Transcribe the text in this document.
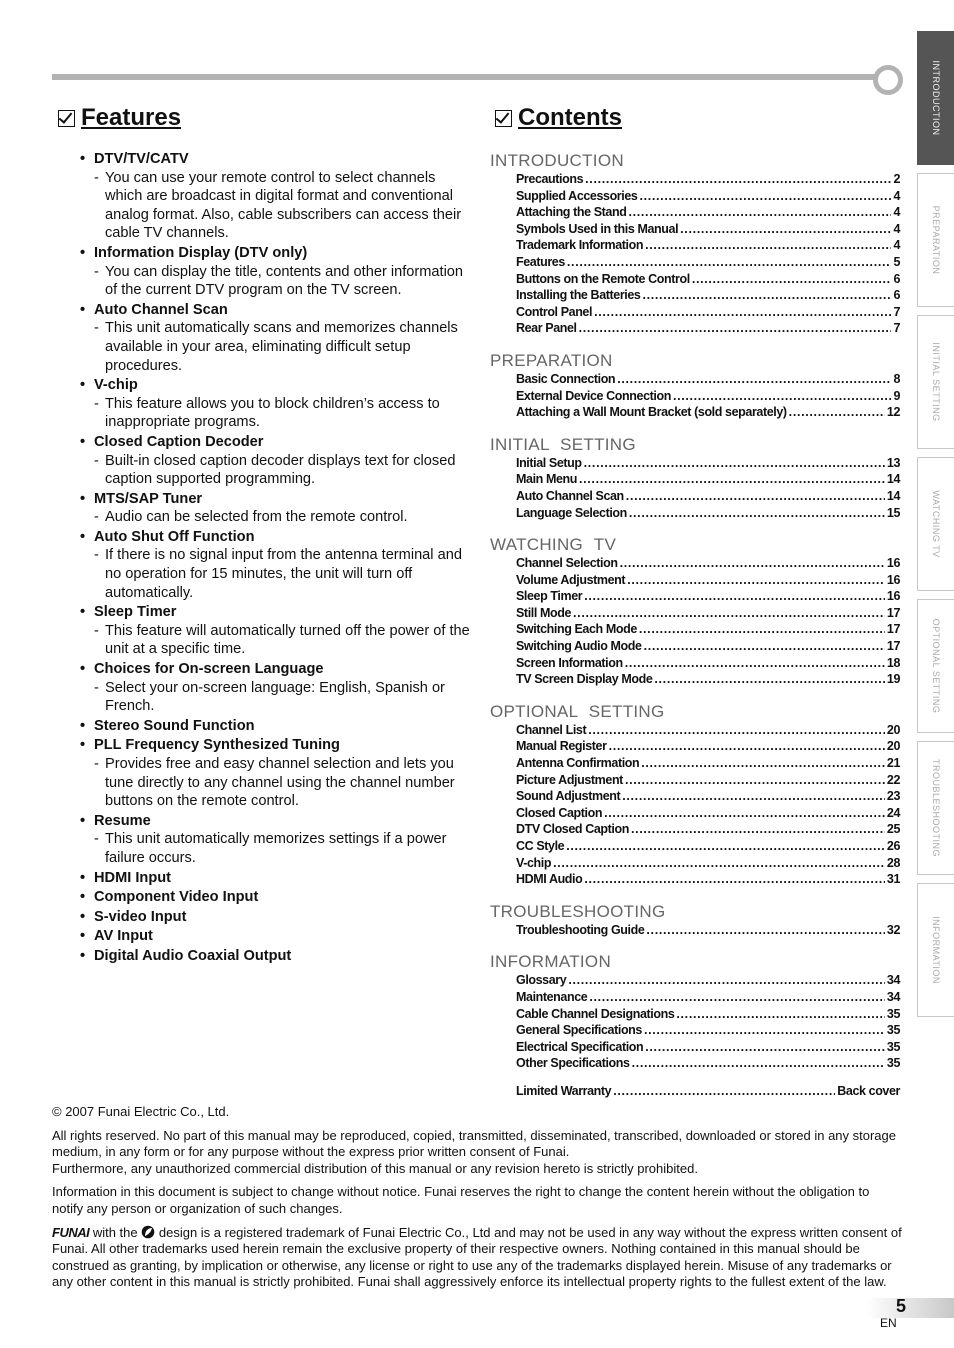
INTRODUCTION
PREPARATION
INITIAL SETTING
WATCHING TV
OPTIONAL SETTING
TROUBLESHOOTING
INFORMATION
Features	Contents
• DTV/TV/CATV
- You can use your remote control to select channels which are broadcast in digital format and conventional analog format. Also, cable subscribers can access their cable TV channels.
• Information Display (DTV only)
- You can display the title, contents and other information of the current DTV program on the TV screen.
• Auto Channel Scan
- This unit automatically scans and memorizes channels available in your area, eliminating difficult setup procedures.
• V-chip
- This feature allows you to block children’s access to inappropriate programs.
• Closed Caption Decoder
- Built-in closed caption decoder displays text for closed caption supported programming.
• MTS/SAP Tuner
- Audio can be selected from the remote control.
• Auto Shut Off Function
- If there is no signal input from the antenna terminal and no operation for 15 minutes, the unit will turn off automatically.
• Sleep Timer
- This feature will automatically turned off the power of the unit at a specific time.
• Choices for On-screen Language
- Select your on-screen language: English, Spanish or French.
• Stereo Sound Function
• PLL Frequency Synthesized Tuning
- Provides free and easy channel selection and lets you tune directly to any channel using the channel number buttons on the remote control.
• Resume
- This unit automatically memorizes settings if a power failure occurs.
• HDMI Input
• Component Video Input
• S-video Input
• AV Input
• Digital Audio Coaxial Output
INTRODUCTION
Precautions . . .	2
Supplied Accessories . . .	4
Attaching the Stand . . .	4
Symbols Used in this Manual . . .	4
Trademark Information . . .	4
Features . . .	5
Buttons on the Remote Control . . .	6
Installing the Batteries . . .	6
Control Panel . . .	7
Rear Panel . . .	7
PREPARATION
Basic Connection . . .	8
External Device Connection . . .	9
Attaching a Wall Mount Bracket (sold separately) . . .	12
INITIAL SETTING
Initial Setup . . .	13
Main Menu . . .	14
Auto Channel Scan . . .	14
Language Selection . . .	15
WATCHING TV
Channel Selection . . .	16
Volume Adjustment . . .	16
Sleep Timer . . .	16
Still Mode . . .	17
Switching Each Mode . . .	17
Switching Audio Mode . . .	17
Screen Information . . .	18
TV Screen Display Mode . . .	19
OPTIONAL SETTING
Channel List . . .	20
Manual Register . . .	20
Antenna Confirmation . . .	21
Picture Adjustment . . .	22
Sound Adjustment . . .	23
Closed Caption . . .	24
DTV Closed Caption . . .	25
CC Style . . .	26
V-chip . . .	28
HDMI Audio . . .	31
TROUBLESHOOTING
Troubleshooting Guide . . .	32
INFORMATION
Glossary . . .	34
Maintenance . . .	34
Cable Channel Designations . . .	35
General Specifications . . .	35
Electrical Specification . . .	35
Other Specifications . . .	35
Limited Warranty . . .	Back cover

© 2007 Funai Electric Co., Ltd.

All rights reserved. No part of this manual may be reproduced, copied, transmitted, disseminated, transcribed, downloaded or stored in any storage medium, in any form or for any purpose without the express prior written consent of Funai.

Furthermore, any unauthorized commercial distribution of this manual or any revision hereto is strictly prohibited.

Information in this document is subject to change without notice. Funai reserves the right to change the content herein without the obligation to notify any person or organization of such changes.

FUNAI with the  design is a registered trademark of Funai Electric Co., Ltd and may not be used in any way without the express written consent of Funai. All other trademarks used herein remain the exclusive property of their respective owners. Nothing contained in this manual should be construed as granting, by implication or otherwise, any license or right to use any of the trademarks displayed herein. Misuse of any trademarks or any other content in this manual is strictly prohibited. Funai shall aggressively enforce its intellectual property rights to the fullest extent of the law.

5
EN
